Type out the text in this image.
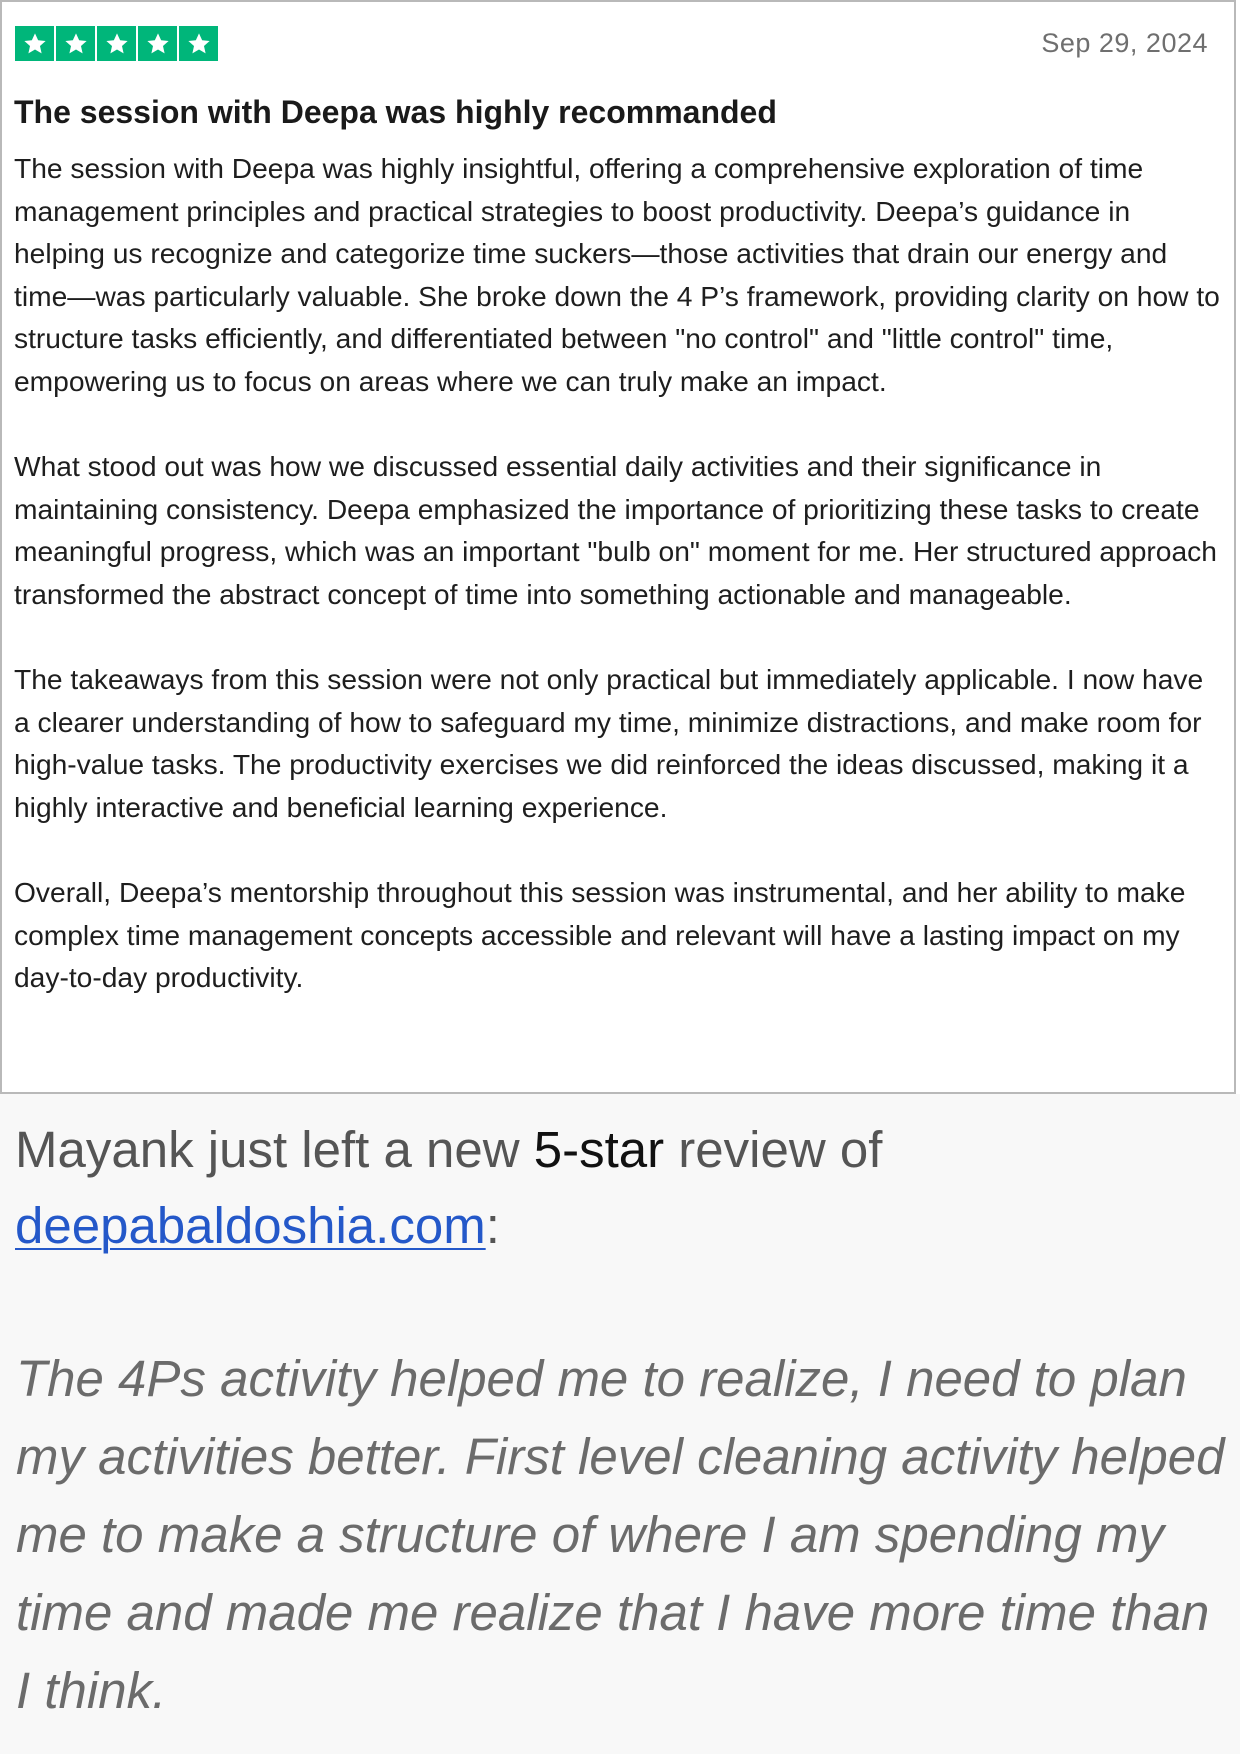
Sep 29, 2024
The session with Deepa was highly recommanded

The session with Deepa was highly insightful, offering a comprehensive exploration of time management principles and practical strategies to boost productivity. Deepa’s guidance in helping us recognize and categorize time suckers—those activities that drain our energy and time—was particularly valuable. She broke down the 4 P’s framework, providing clarity on how to structure tasks efficiently, and differentiated between "no control" and "little control" time, empowering us to focus on areas where we can truly make an impact.

What stood out was how we discussed essential daily activities and their significance in maintaining consistency. Deepa emphasized the importance of prioritizing these tasks to create meaningful progress, which was an important "bulb on" moment for me. Her structured approach transformed the abstract concept of time into something actionable and manageable.

The takeaways from this session were not only practical but immediately applicable. I now have a clearer understanding of how to safeguard my time, minimize distractions, and make room for high-value tasks. The productivity exercises we did reinforced the ideas discussed, making it a highly interactive and beneficial learning experience.

Overall, Deepa’s mentorship throughout this session was instrumental, and her ability to make complex time management concepts accessible and relevant will have a lasting impact on my day-to-day productivity.

Mayank just left a new 5-star review of
deepabaldoshia.com:

The 4Ps activity helped me to realize, I need to plan my activities better. First level cleaning activity helped me to make a structure of where I am spending my time and made me realize that I have more time than I think.
